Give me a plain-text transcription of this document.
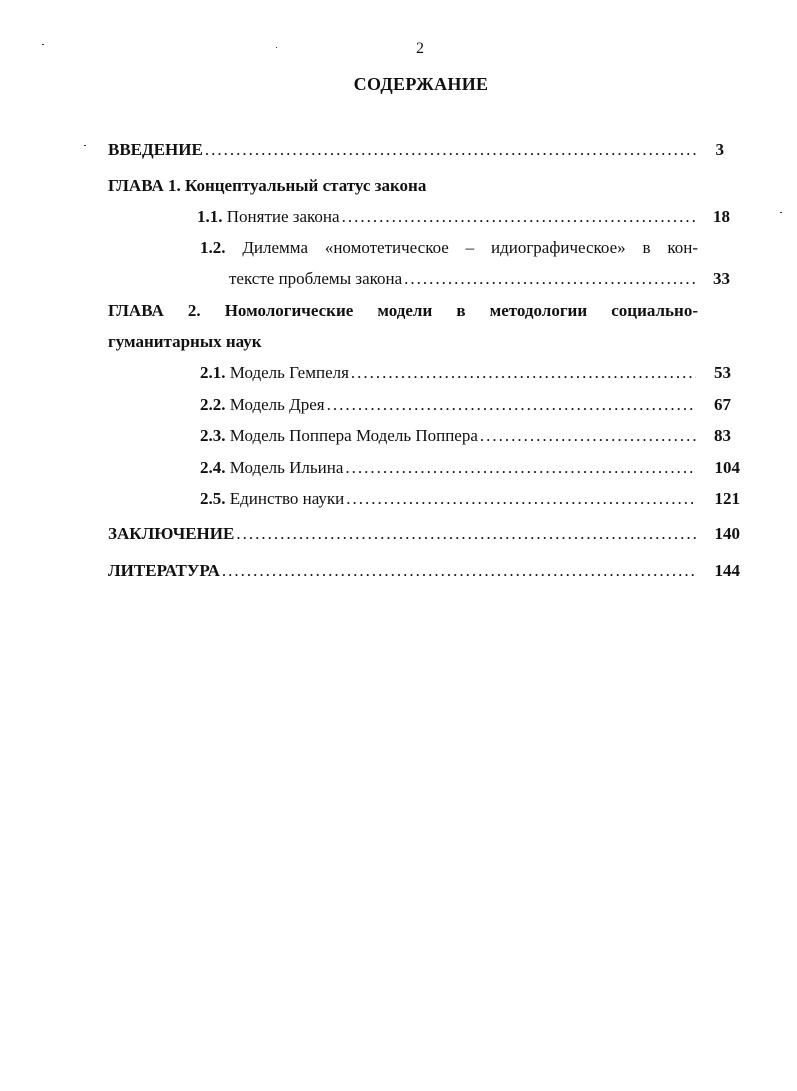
2
СОДЕРЖАНИЕ
ВВЕДЕНИЕ .....	3
ГЛАВА 1. Концептуальный статус закона
1.1. Понятие закона .....	18
1.2. Дилемма «номотетическое – идиографическое» в кон-
тексте проблемы закона .....	33
ГЛАВА 2. Номологические модели в методологии социально-
гуманитарных наук
2.1. Модель Гемпеля .....	53
2.2. Модель Дрея .....	67
2.3. Модель Поппера Модель Поппера .....	83
2.4. Модель Ильина .....	104
2.5. Единство науки .....	121
ЗАКЛЮЧЕНИЕ .....	140
ЛИТЕРАТУРА .....	144
